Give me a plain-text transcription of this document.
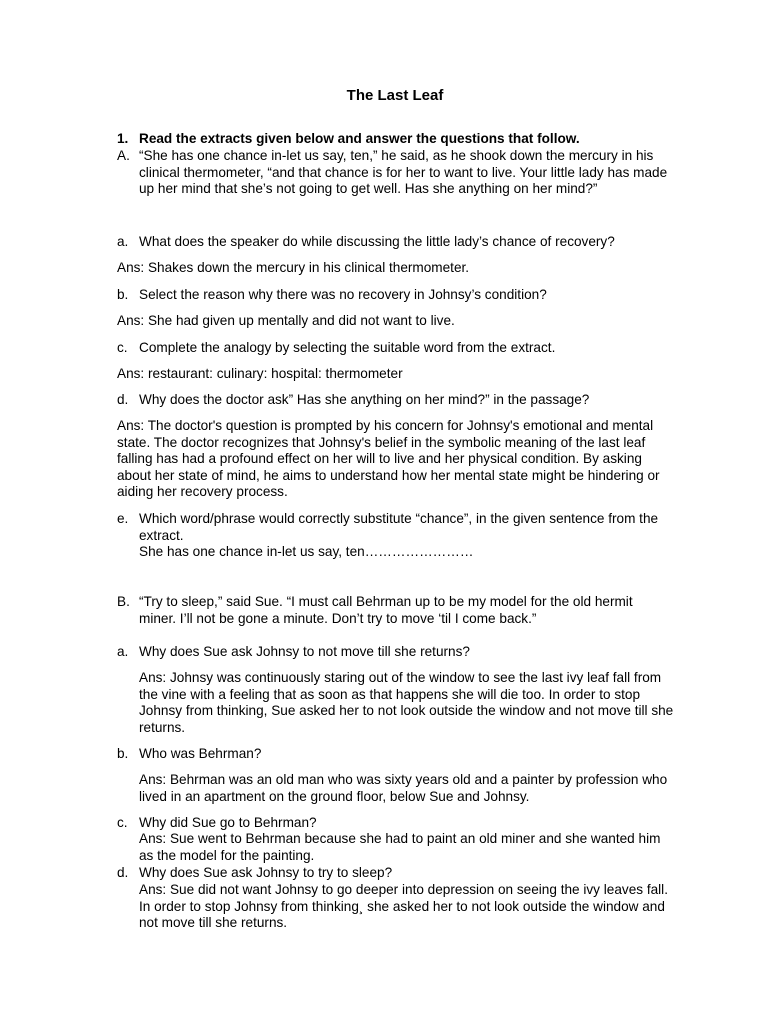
The Last Leaf
1. Read the extracts given below and answer the questions that follow.
A. “She has one chance in-let us say, ten,” he said, as he shook down the mercury in his clinical thermometer, “and that chance is for her to want to live. Your little lady has made up her mind that she’s not going to get well. Has she anything on her mind?”
a. What does the speaker do while discussing the little lady’s chance of recovery?
Ans: Shakes down the mercury in his clinical thermometer.
b. Select the reason why there was no recovery in Johnsy’s condition?
Ans: She had given up mentally and did not want to live.
c. Complete the analogy by selecting the suitable word from the extract.
Ans: restaurant: culinary: hospital: thermometer
d. Why does the doctor ask” Has she anything on her mind?” in the passage?
Ans: The doctor's question is prompted by his concern for Johnsy's emotional and mental state. The doctor recognizes that Johnsy's belief in the symbolic meaning of the last leaf falling has had a profound effect on her will to live and her physical condition. By asking about her state of mind, he aims to understand how her mental state might be hindering or aiding her recovery process.
e. Which word/phrase would correctly substitute “chance”, in the given sentence from the extract.
She has one chance in-let us say, ten……………………
B. “Try to sleep,” said Sue. “I must call Behrman up to be my model for the old hermit miner. I’ll not be gone a minute. Don’t try to move ‘til I come back.”
a. Why does Sue ask Johnsy to not move till she returns?
Ans: Johnsy was continuously staring out of the window to see the last ivy leaf fall from the vine with a feeling that as soon as that happens she will die too. In order to stop Johnsy from thinking, Sue asked her to not look outside the window and not move till she returns.
b. Who was Behrman?
Ans: Behrman was an old man who was sixty years old and a painter by profession who lived in an apartment on the ground floor, below Sue and Johnsy.
c. Why did Sue go to Behrman?
Ans: Sue went to Behrman because she had to paint an old miner and she wanted him as the model for the painting.
d. Why does Sue ask Johnsy to try to sleep?
Ans: Sue did not want Johnsy to go deeper into depression on seeing the ivy leaves fall. In order to stop Johnsy from thinking¸ she asked her to not look outside the window and not move till she returns.
